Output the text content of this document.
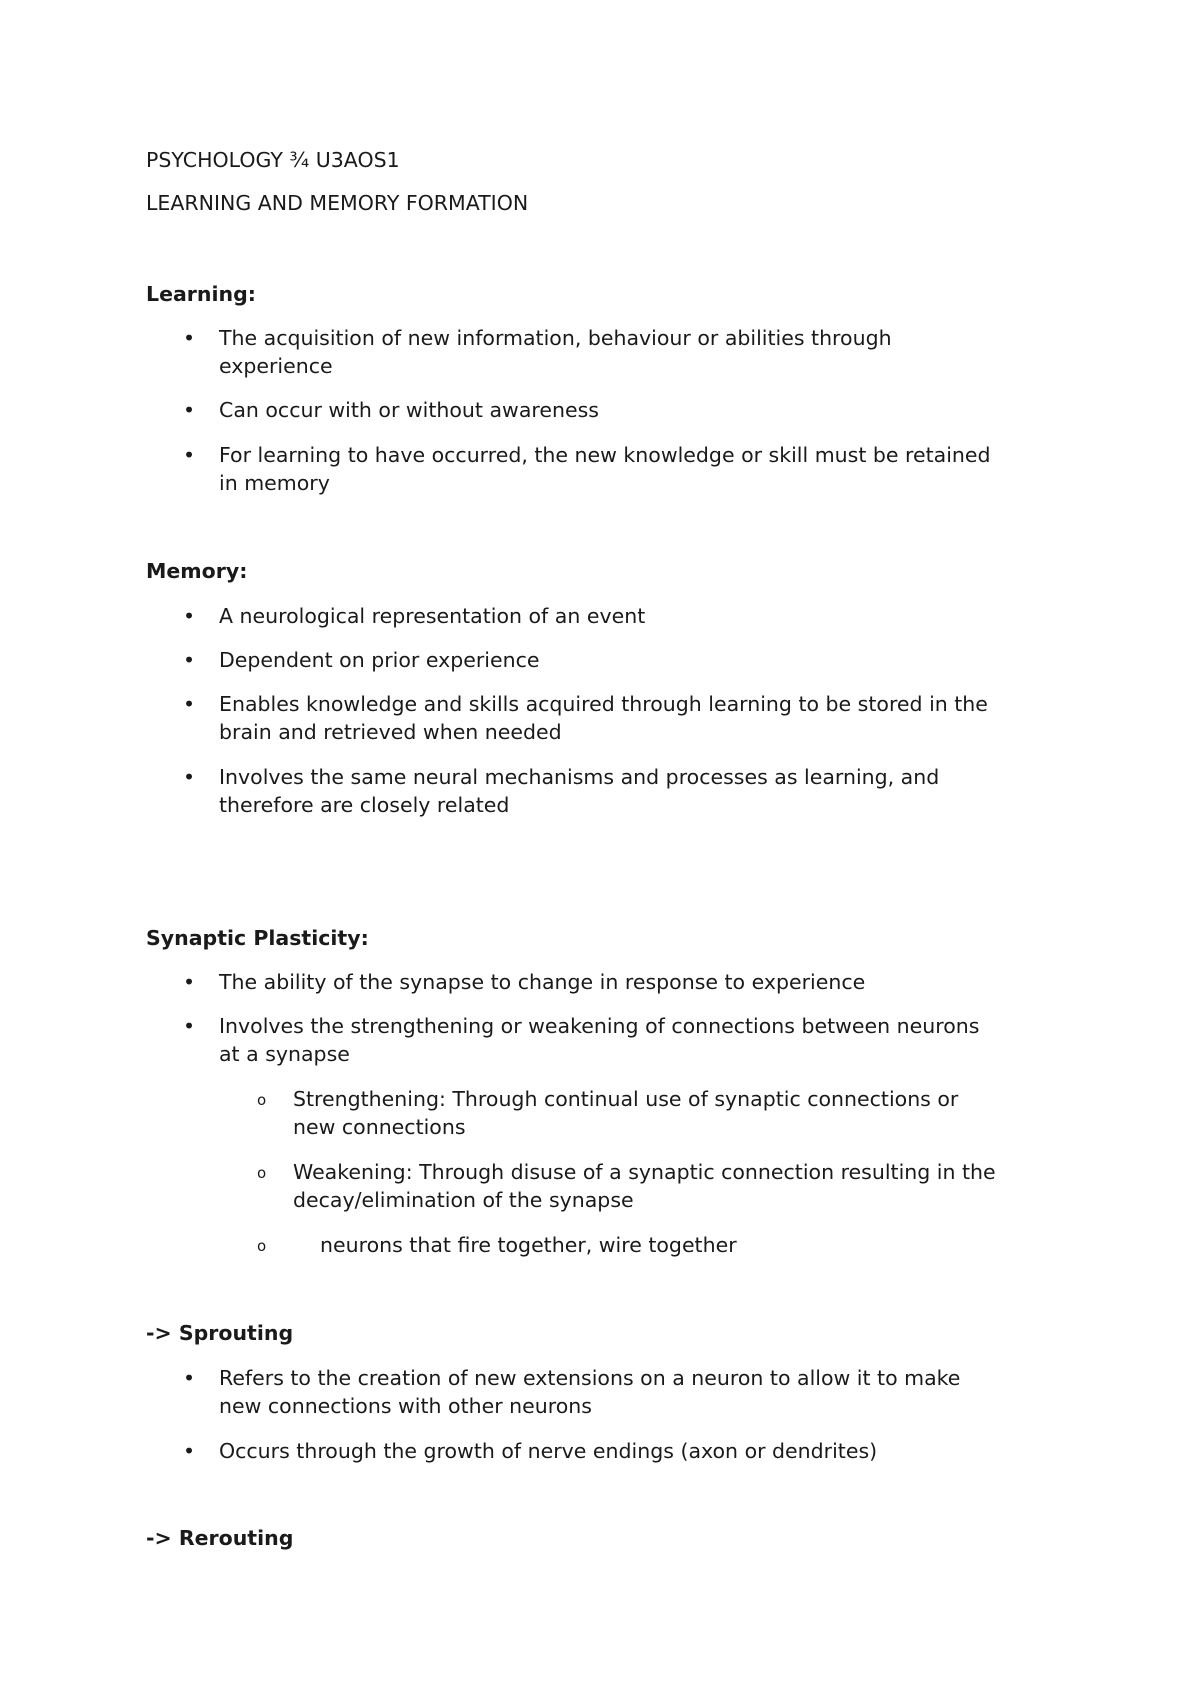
PSYCHOLOGY ¾ U3AOS1
LEARNING AND MEMORY FORMATION
Learning:
• The acquisition of new information, behaviour or abilities through
experience
• Can occur with or without awareness
• For learning to have occurred, the new knowledge or skill must be retained
in memory
Memory:
• A neurological representation of an event
• Dependent on prior experience
• Enables knowledge and skills acquired through learning to be stored in the
brain and retrieved when needed
• Involves the same neural mechanisms and processes as learning, and
therefore are closely related
Synaptic Plasticity:
• The ability of the synapse to change in response to experience
• Involves the strengthening or weakening of connections between neurons
at a synapse
o Strengthening: Through continual use of synaptic connections or
new connections
o Weakening: Through disuse of a synaptic connection resulting in the
decay/elimination of the synapse
o	neurons that fire together, wire together
-> Sprouting
• Refers to the creation of new extensions on a neuron to allow it to make
new connections with other neurons
• Occurs through the growth of nerve endings (axon or dendrites)
-> Rerouting
